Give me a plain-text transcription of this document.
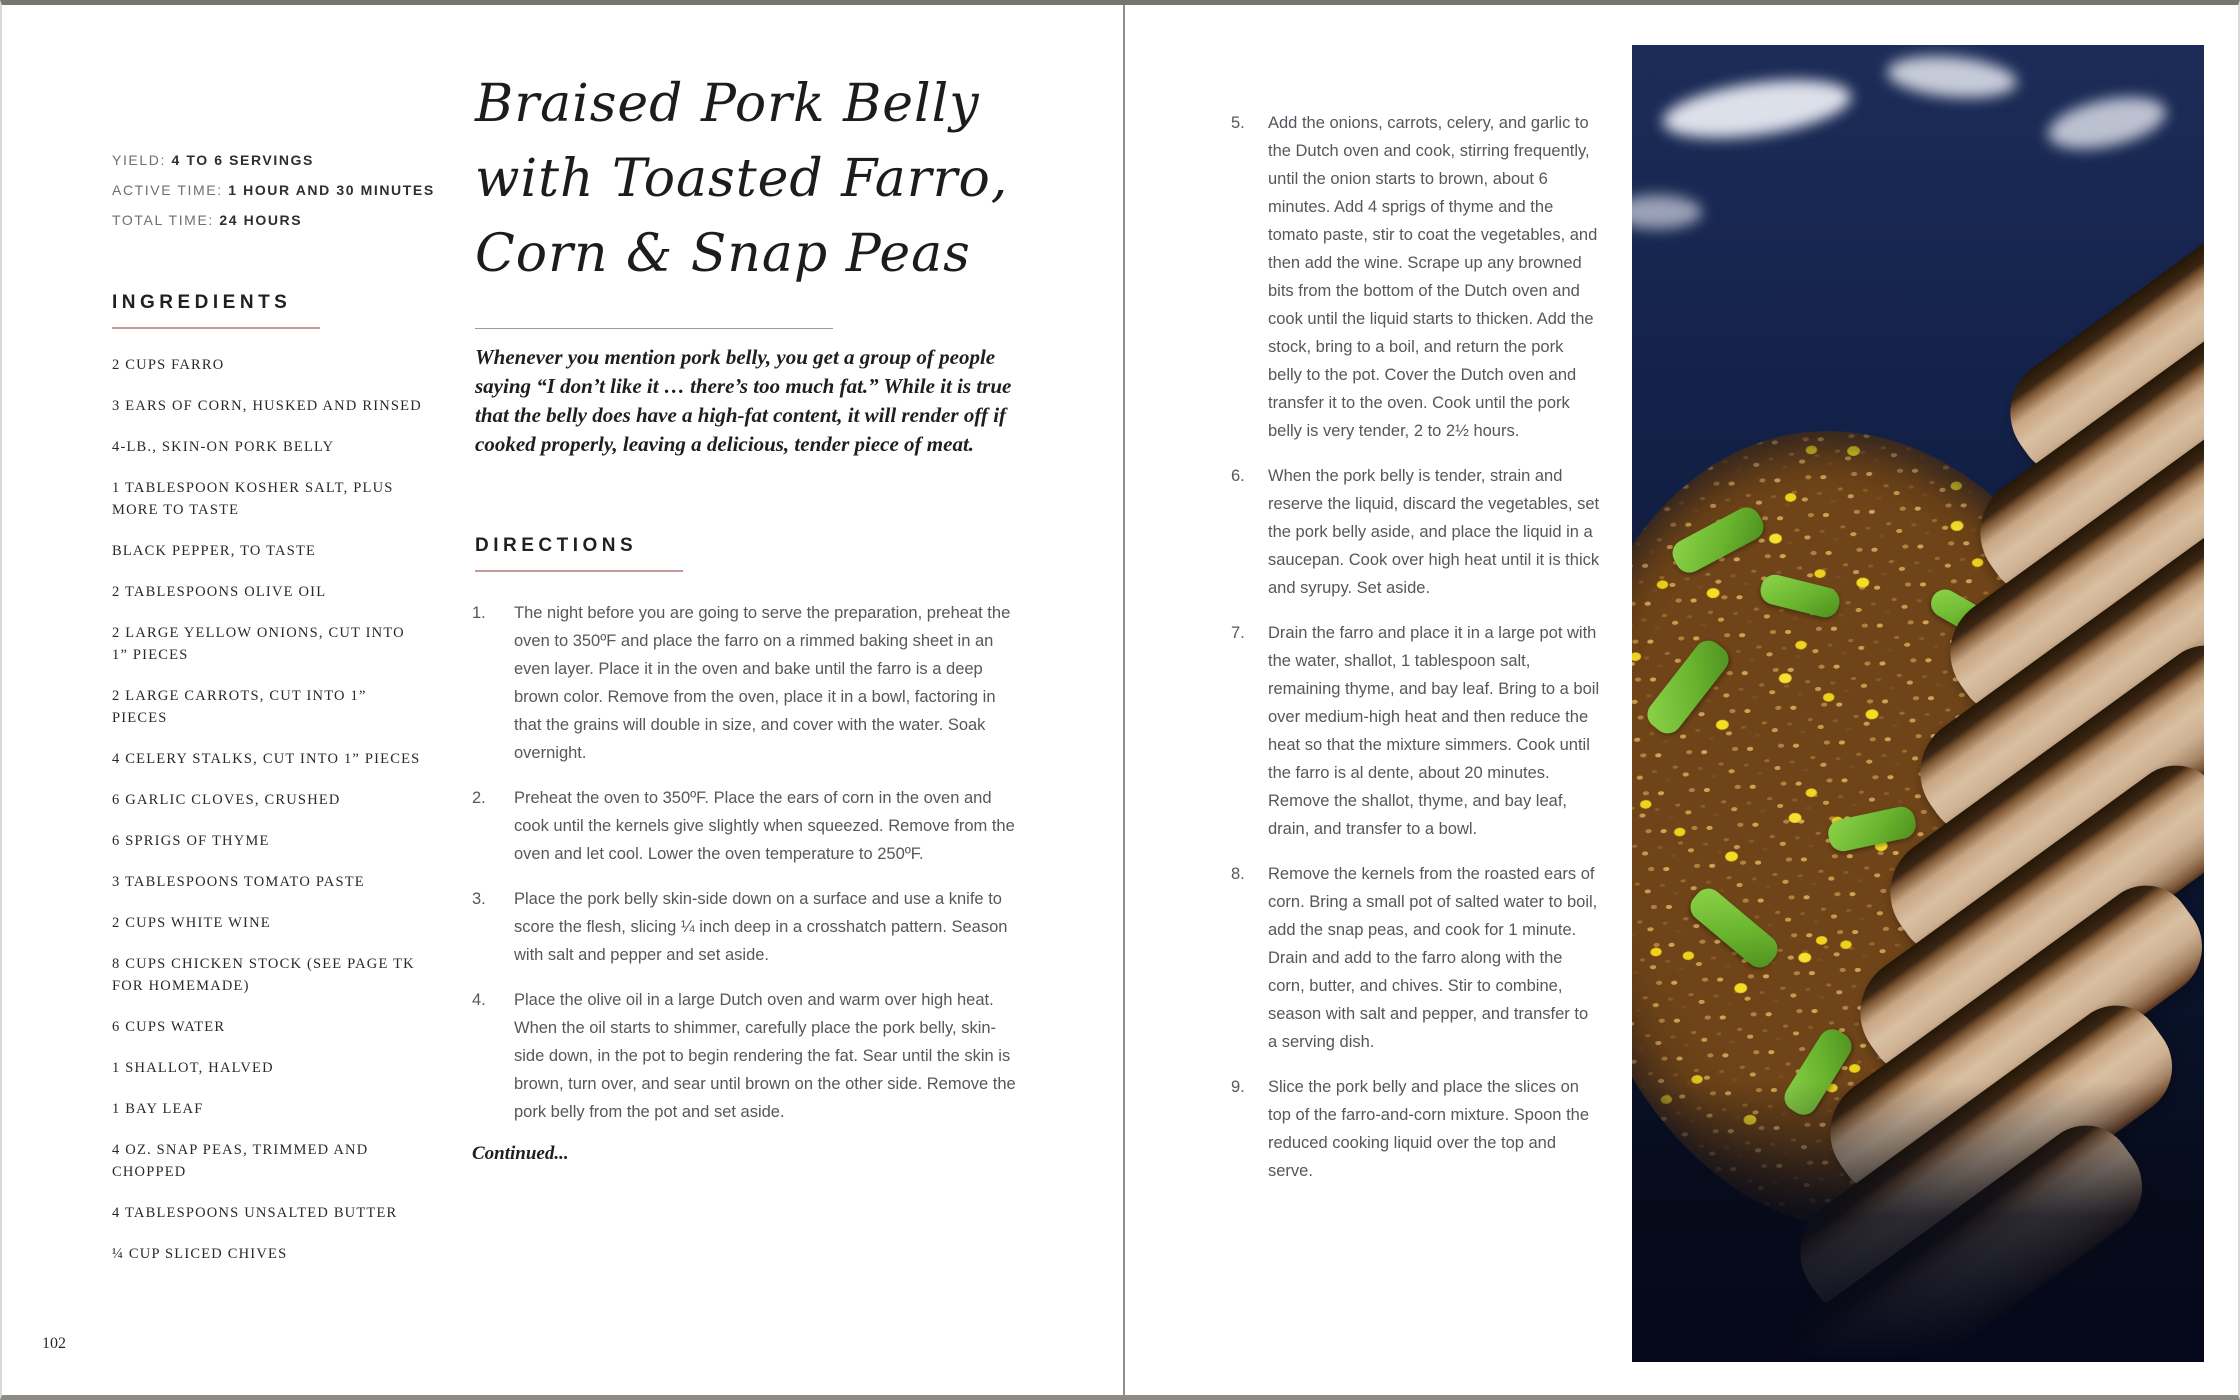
YIELD: 4 TO 6 SERVINGS
ACTIVE TIME: 1 HOUR AND 30 MINUTES
TOTAL TIME: 24 HOURS
INGREDIENTS
2 CUPS FARRO
3 EARS OF CORN, HUSKED AND RINSED
4-LB., SKIN-ON PORK BELLY
1 TABLESPOON KOSHER SALT, PLUS MORE TO TASTE
BLACK PEPPER, TO TASTE
2 TABLESPOONS OLIVE OIL
2 LARGE YELLOW ONIONS, CUT INTO 1” PIECES
2 LARGE CARROTS, CUT INTO 1” PIECES
4 CELERY STALKS, CUT INTO 1” PIECES
6 GARLIC CLOVES, CRUSHED
6 SPRIGS OF THYME
3 TABLESPOONS TOMATO PASTE
2 CUPS WHITE WINE
8 CUPS CHICKEN STOCK (SEE PAGE TK FOR HOMEMADE)
6 CUPS WATER
1 SHALLOT, HALVED
1 BAY LEAF
4 OZ. SNAP PEAS, TRIMMED AND CHOPPED
4 TABLESPOONS UNSALTED BUTTER
¼ CUP SLICED CHIVES
102
Braised Pork Belly
with Toasted Farro,
Corn & Snap Peas
Whenever you mention pork belly, you get a group of people saying “I don’t like it … there’s too much fat.” While it is true that the belly does have a high-fat content, it will render off if cooked properly, leaving a delicious, tender piece of meat.
DIRECTIONS
1.	The night before you are going to serve the preparation, preheat the oven to 350ºF and place the farro on a rimmed baking sheet in an even layer. Place it in the oven and bake until the farro is a deep brown color. Remove from the oven, place it in a bowl, factoring in that the grains will double in size, and cover with the water. Soak overnight.
2.	Preheat the oven to 350ºF. Place the ears of corn in the oven and cook until the kernels give slightly when squeezed. Remove from the oven and let cool. Lower the oven temperature to 250ºF.
3.	Place the pork belly skin-side down on a surface and use a knife to score the flesh, slicing ¼ inch deep in a crosshatch pattern. Season with salt and pepper and set aside.
4.	Place the olive oil in a large Dutch oven and warm over high heat. When the oil starts to shimmer, carefully place the pork belly, skin-side down, in the pot to begin rendering the fat. Sear until the skin is brown, turn over, and sear until brown on the other side. Remove the pork belly from the pot and set aside.
Continued...
5.	Add the onions, carrots, celery, and garlic to the Dutch oven and cook, stirring frequently, until the onion starts to brown, about 6 minutes. Add 4 sprigs of thyme and the tomato paste, stir to coat the vegetables, and then add the wine. Scrape up any browned bits from the bottom of the Dutch oven and cook until the liquid starts to thicken. Add the stock, bring to a boil, and return the pork belly to the pot. Cover the Dutch oven and transfer it to the oven. Cook until the pork belly is very tender, 2 to 2½ hours.
6.	When the pork belly is tender, strain and reserve the liquid, discard the vegetables, set the pork belly aside, and place the liquid in a saucepan. Cook over high heat until it is thick and syrupy. Set aside.
7.	Drain the farro and place it in a large pot with the water, shallot, 1 tablespoon salt, remaining thyme, and bay leaf. Bring to a boil over medium-high heat and then reduce the heat so that the mixture simmers. Cook until the farro is al dente, about 20 minutes. Remove the shallot, thyme, and bay leaf, drain, and transfer to a bowl.
8.	Remove the kernels from the roasted ears of corn. Bring a small pot of salted water to boil, add the snap peas, and cook for 1 minute. Drain and add to the farro along with the corn, butter, and chives. Stir to combine, season with salt and pepper, and transfer to a serving dish.
9.	Slice the pork belly and place the slices on top of the farro-and-corn mixture. Spoon the reduced cooking liquid over the top and serve.
